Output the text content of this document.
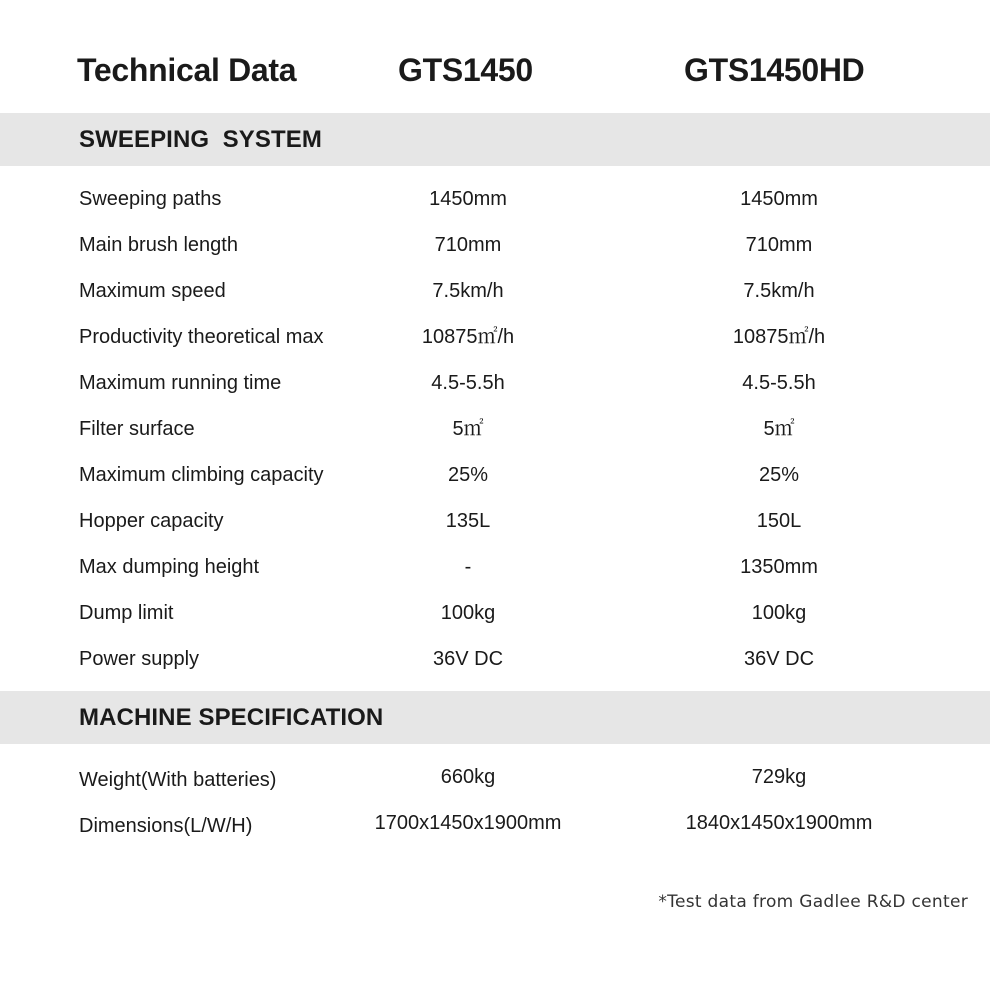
Technical Data	GTS1450	GTS1450HD
SWEEPING  SYSTEM
Sweeping paths	1450mm	1450mm
Main brush length	710mm	710mm
Maximum speed	7.5km/h	7.5km/h
Productivity theoretical max	10875㎡/h	10875㎡/h
Maximum running time	4.5-5.5h	4.5-5.5h
Filter surface	5㎡	5㎡
Maximum climbing capacity	25%	25%
Hopper capacity	135L	150L
Max dumping height	-	1350mm
Dump limit	100kg	100kg
Power supply	36V DC	36V DC
MACHINE SPECIFICATION
Weight(With batteries)	660kg	729kg
Dimensions(L/W/H)	1700x1450x1900mm	1840x1450x1900mm
*Test data from Gadlee R&D center
